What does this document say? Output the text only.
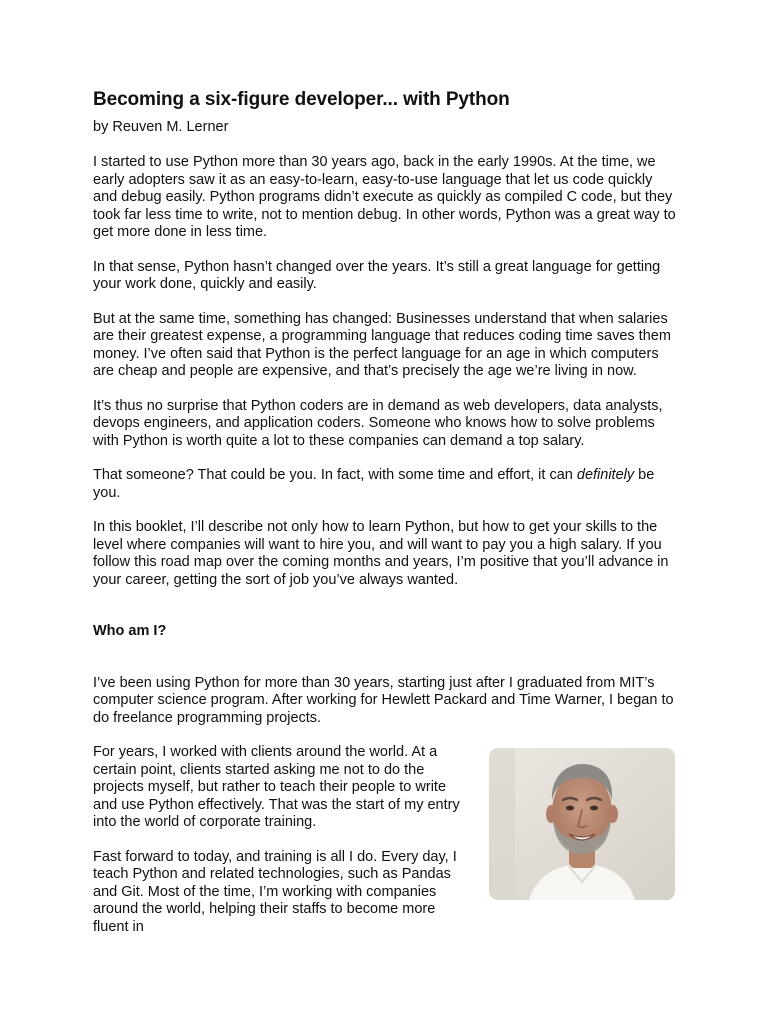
Becoming a six-figure developer... with Python
by Reuven M. Lerner

I started to use Python more than 30 years ago, back in the early 1990s. At the time, we early adopters saw it as an easy-to-learn, easy-to-use language that let us code quickly and debug easily. Python programs didn’t execute as quickly as compiled C code, but they took far less time to write, not to mention debug. In other words, Python was a great way to get more done in less time.

In that sense, Python hasn’t changed over the years. It’s still a great language for getting your work done, quickly and easily.

But at the same time, something has changed: Businesses understand that when salaries are their greatest expense, a programming language that reduces coding time saves them money. I’ve often said that Python is the perfect language for an age in which computers are cheap and people are expensive, and that’s precisely the age we’re living in now.

It’s thus no surprise that Python coders are in demand as web developers, data analysts, devops engineers, and application coders. Someone who knows how to solve problems with Python is worth quite a lot to these companies can demand a top salary.

That someone? That could be you. In fact, with some time and effort, it can definitely be you.

In this booklet, I’ll describe not only how to learn Python, but how to get your skills to the level where companies will want to hire you, and will want to pay you a high salary. If you follow this road map over the coming months and years, I’m positive that you’ll advance in your career, getting the sort of job you’ve always wanted.

Who am I?

I’ve been using Python for more than 30 years, starting just after I graduated from MIT’s computer science program. After working for Hewlett Packard and Time Warner, I began to do freelance programming projects.

For years, I worked with clients around the world. At a certain point, clients started asking me not to do the projects myself, but rather to teach their people to write and use Python effectively. That was the start of my entry into the world of corporate training.

Fast forward to today, and training is all I do. Every day, I teach Python and related technologies, such as Pandas and Git. Most of the time, I’m working with companies around the world, helping their staffs to become more fluent in
